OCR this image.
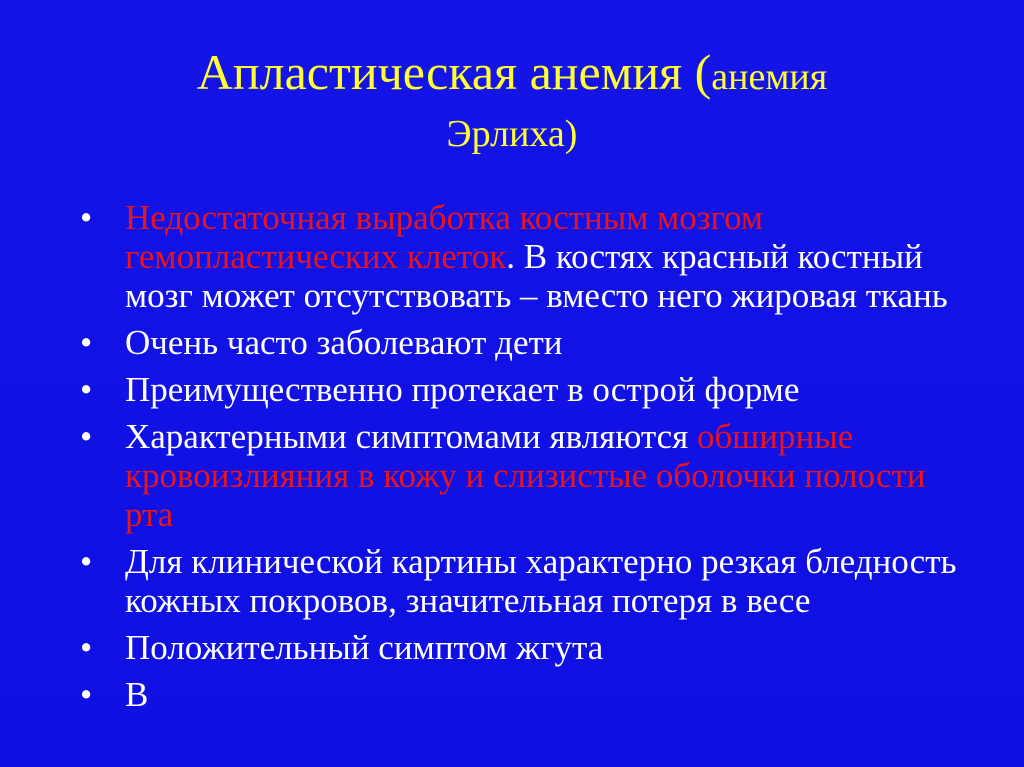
Апластическая анемия (анемия
Эрлиха)
• Недостаточная выработка костным мозгом гемопластических клеток. В костях красный костный мозг может отсутствовать – вместо него жировая ткань
• Очень часто заболевают дети
• Преимущественно протекает в острой форме
• Характерными симптомами являются обширные кровоизлияния в кожу и слизистые оболочки полости рта
• Для клинической картины характерно резкая бледность кожных покровов, значительная потеря в весе
• Положительный симптом жгута
• В
